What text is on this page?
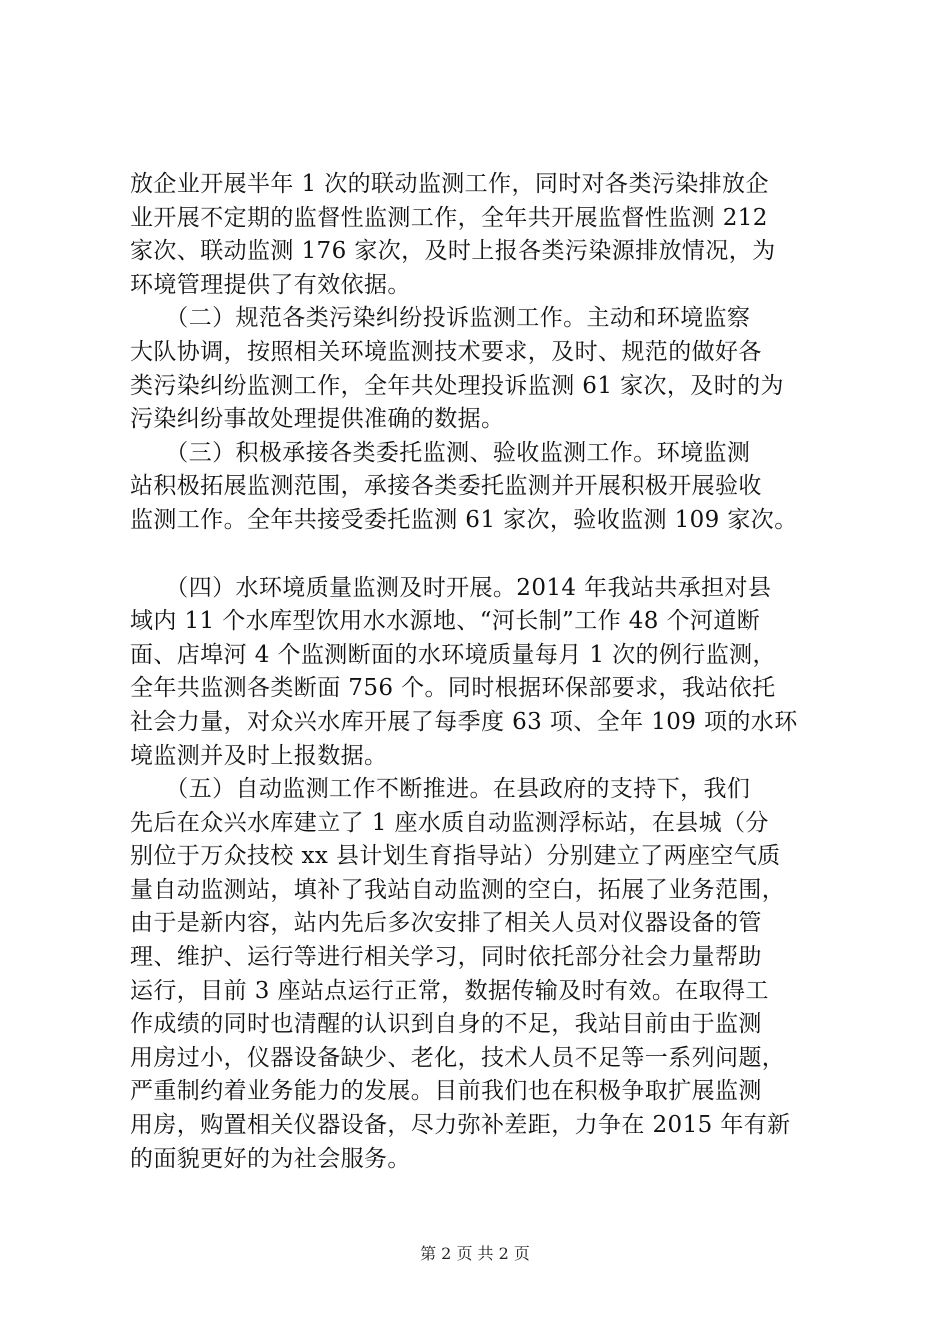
放企业开展半年 1 次的联动监测工作，同时对各类污染排放企
业开展不定期的监督性监测工作，全年共开展监督性监测 212
家次、联动监测 176 家次，及时上报各类污染源排放情况，为
环境管理提供了有效依据。
　　（二）规范各类污染纠纷投诉监测工作。主动和环境监察
大队协调，按照相关环境监测技术要求，及时、规范的做好各
类污染纠纷监测工作，全年共处理投诉监测 61 家次，及时的为
污染纠纷事故处理提供准确的数据。
　　（三）积极承接各类委托监测、验收监测工作。环境监测
站积极拓展监测范围，承接各类委托监测并开展积极开展验收
监测工作。全年共接受委托监测 61 家次，验收监测 109 家次。
　　（四）水环境质量监测及时开展。2014 年我站共承担对县
域内 11 个水库型饮用水水源地、“河长制”工作 48 个河道断
面、店埠河 4 个监测断面的水环境质量每月 1 次的例行监测，
全年共监测各类断面 756 个。同时根据环保部要求，我站依托
社会力量，对众兴水库开展了每季度 63 项、全年 109 项的水环
境监测并及时上报数据。
　　（五）自动监测工作不断推进。在县政府的支持下，我们
先后在众兴水库建立了 1 座水质自动监测浮标站，在县城（分
别位于万众技校 xx 县计划生育指导站）分别建立了两座空气质
量自动监测站，填补了我站自动监测的空白，拓展了业务范围，
由于是新内容，站内先后多次安排了相关人员对仪器设备的管
理、维护、运行等进行相关学习，同时依托部分社会力量帮助
运行，目前 3 座站点运行正常，数据传输及时有效。在取得工
作成绩的同时也清醒的认识到自身的不足，我站目前由于监测
用房过小，仪器设备缺少、老化，技术人员不足等一系列问题，
严重制约着业务能力的发展。目前我们也在积极争取扩展监测
用房，购置相关仪器设备，尽力弥补差距，力争在 2015 年有新
的面貌更好的为社会服务。
第 2 页 共 2 页
